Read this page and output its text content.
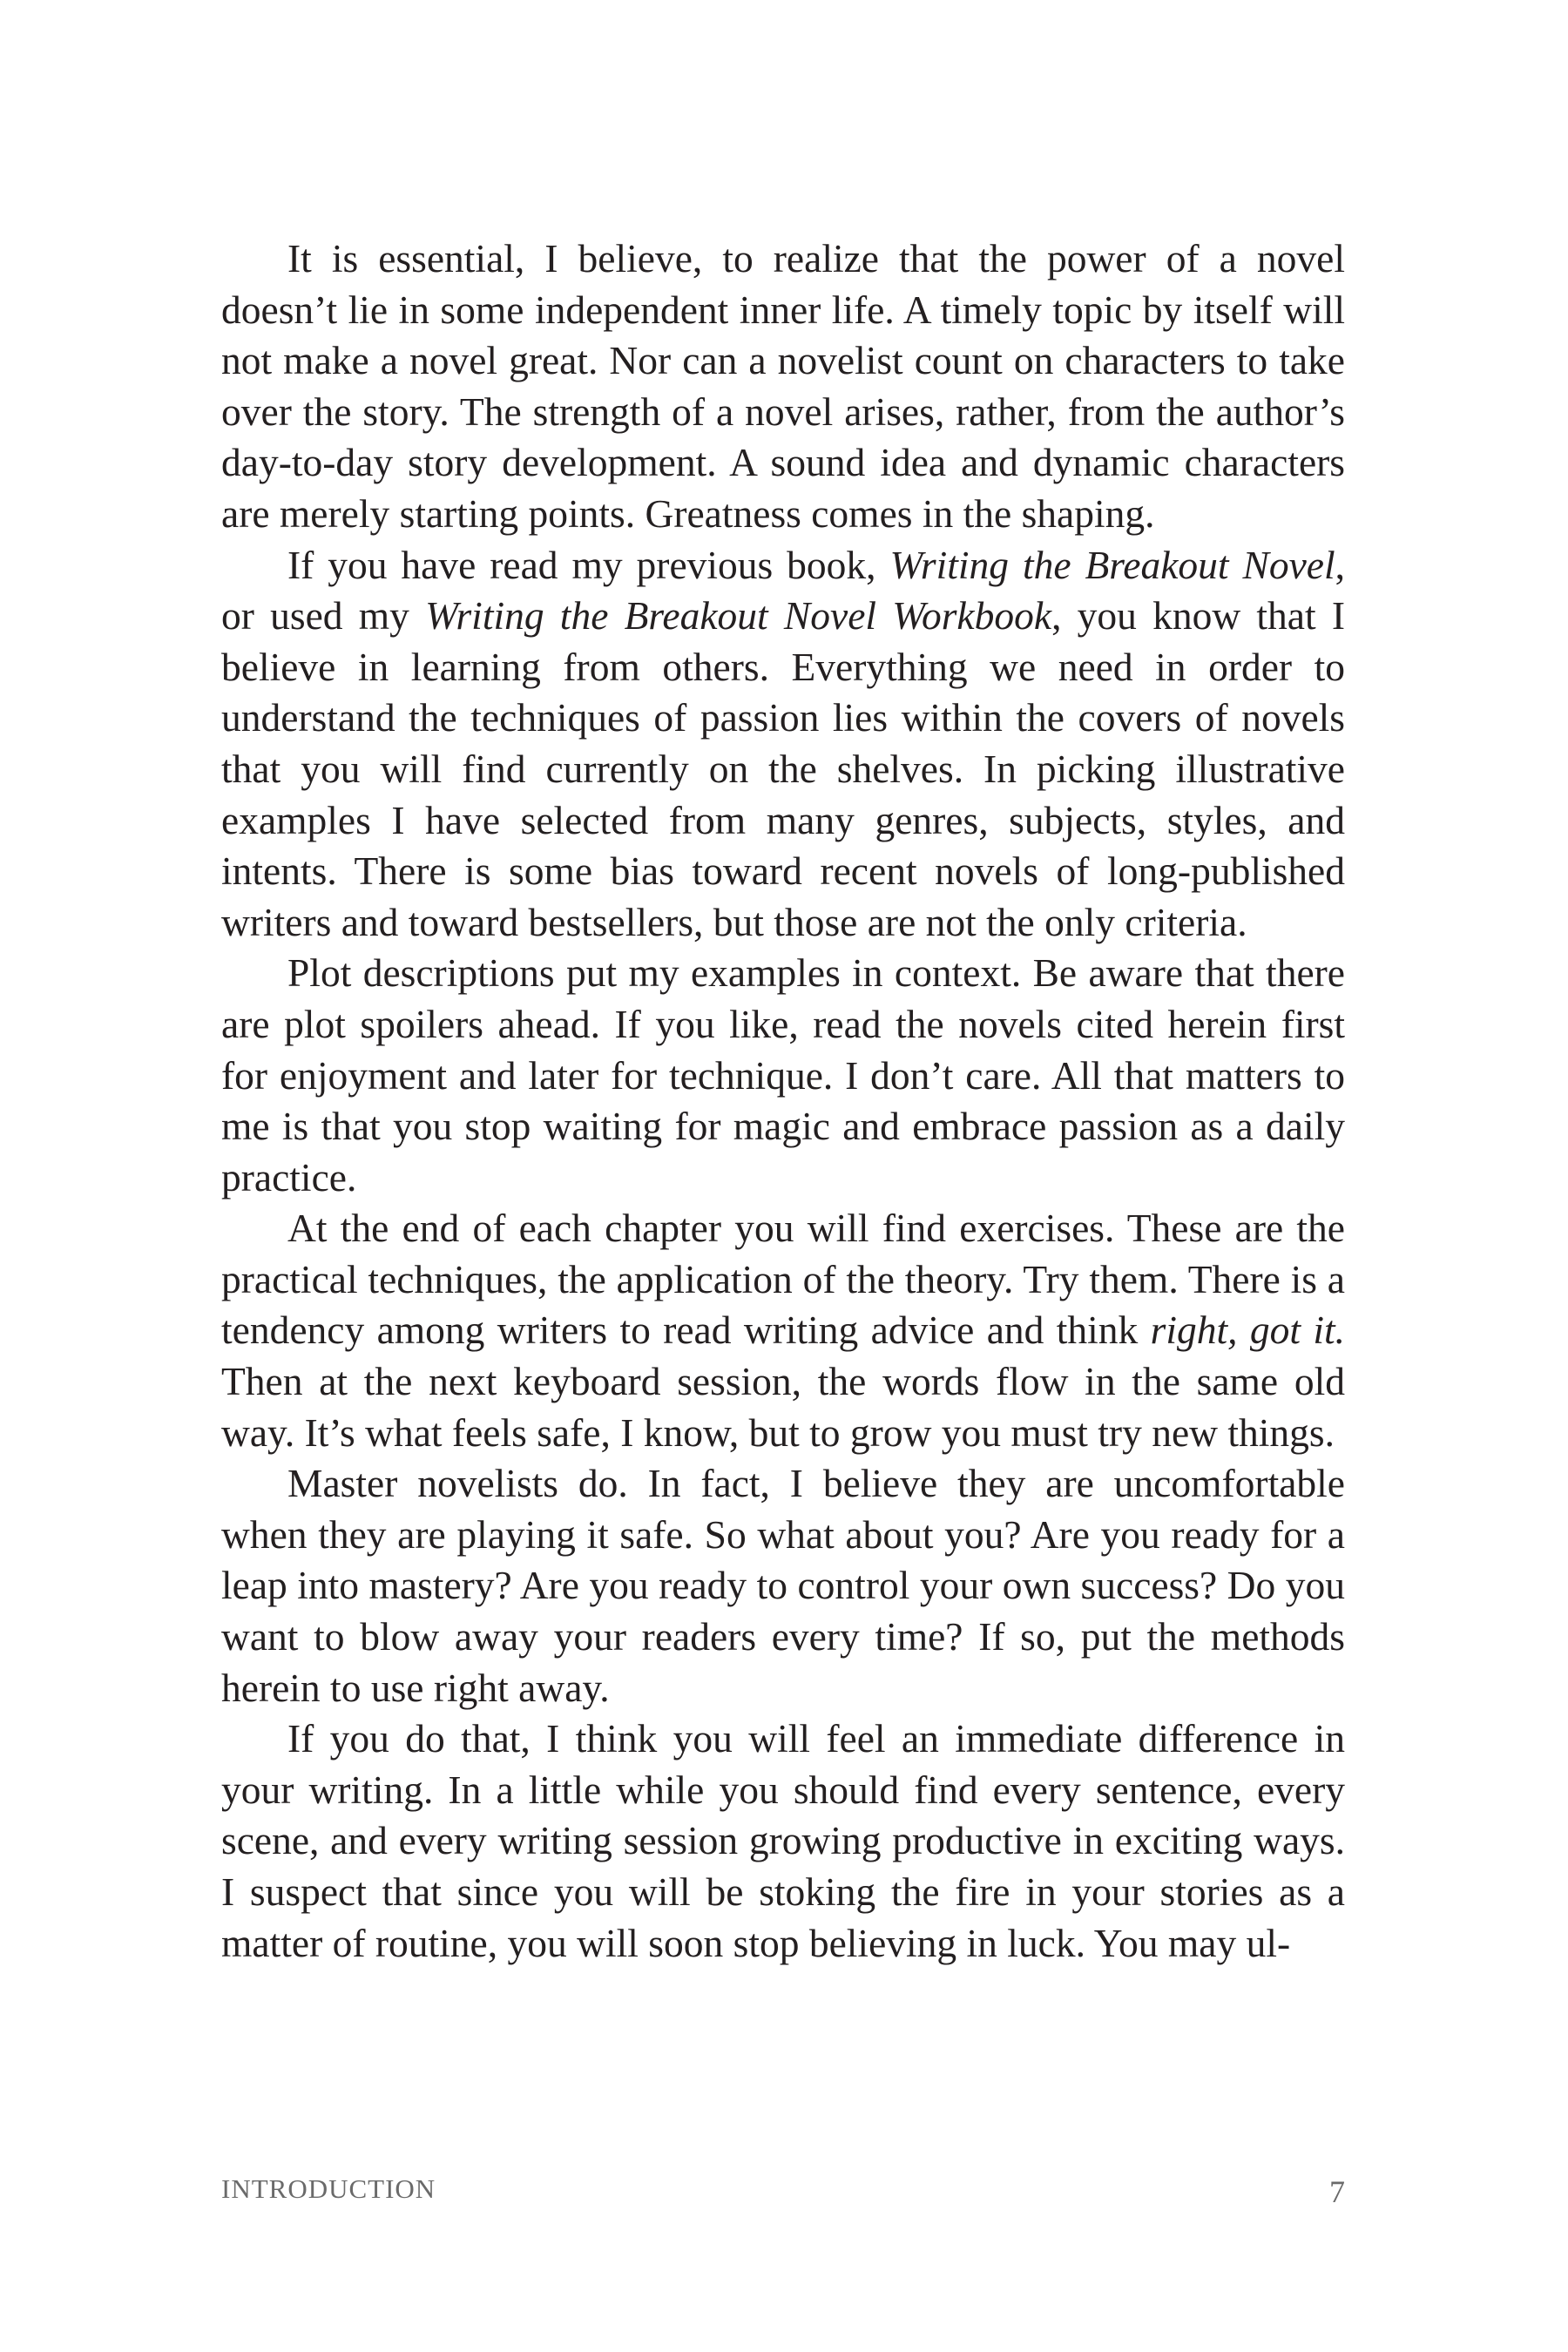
It is essential, I believe, to realize that the power of a novel doesn’t lie in some independent inner life. A timely topic by itself will not make a novel great. Nor can a novelist count on characters to take over the story. The strength of a novel arises, rather, from the author’s day-to-day story development. A sound idea and dynamic characters are merely starting points. Greatness comes in the shaping.

If you have read my previous book, Writing the Breakout Novel, or used my Writing the Breakout Novel Workbook, you know that I believe in learning from others. Everything we need in order to understand the techniques of passion lies within the covers of novels that you will find currently on the shelves. In picking illustrative examples I have selected from many genres, subjects, styles, and intents. There is some bias toward recent novels of long-published writers and toward bestsellers, but those are not the only criteria.

Plot descriptions put my examples in context. Be aware that there are plot spoilers ahead. If you like, read the novels cited herein first for enjoyment and later for technique. I don’t care. All that matters to me is that you stop waiting for magic and embrace passion as a daily practice.

At the end of each chapter you will find exercises. These are the practical techniques, the application of the theory. Try them. There is a tendency among writers to read writing advice and think right, got it. Then at the next keyboard session, the words flow in the same old way. It’s what feels safe, I know, but to grow you must try new things.

Master novelists do. In fact, I believe they are uncomfortable when they are playing it safe. So what about you? Are you ready for a leap into mastery? Are you ready to control your own success? Do you want to blow away your readers every time? If so, put the methods herein to use right away.

If you do that, I think you will feel an immediate difference in your writing. In a little while you should find every sentence, every scene, and every writing session growing productive in exciting ways. I suspect that since you will be stoking the fire in your stories as a matter of routine, you will soon stop believing in luck. You may ul-

INTRODUCTION	7
